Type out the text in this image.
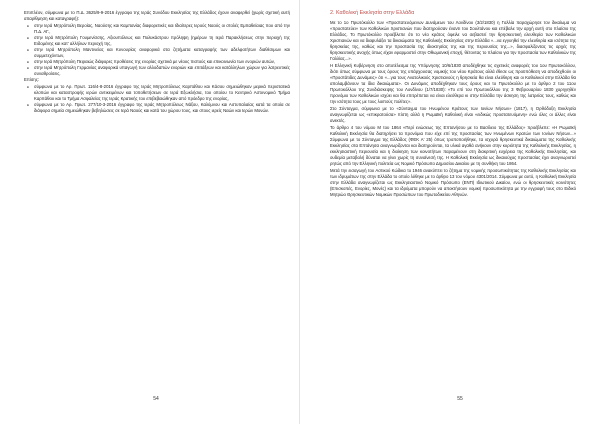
Επιπλέον, σύμφωνα με το Π.Δ. 3625/9-9-2016 έγγραφο της Ιεράς Συνόδου Εκκλησίας της Ελλάδος έχουν αναφερθεί (χωρίς σχετική αυτή απαρίθμηση και καταγραφή):

● στην Ιερά Μητρόπολη Βεροίας, Ναούσης και Καμπανίας διαφορετικές και Ιδιαίτερες Ιερούς Ναούς οι στολές Εμπαθείαιας που από την Π.Δ. ΑΓ.,
● στην Ιερά Μητρόπολη Γουμενίσσης, Αξιουπόλεως και Πολυκάστρου πρόληψη (ημέρων τη Ιερά Παρακλήσεως στην περιοχή της Ειδομένης και κατ' αλλήλων περιοχή της,
● στην Ιερά Μητρόπολη Μαντινείας και Κυνουρίας αναφορικά στα ζητήματα καταγραφής των αδελφοτήτων διαθέσιμων και συμμετεχόντων,
● στην Ιερά Μητρόπολη Πειραιώς διάφορες προθέσεις της ενορίας σχετικά με νέους πιστούς και επικοινωνία των ενοριών αυτών,
● στην Ιερά Μητρόπολη Γερμανίας αναφορικά υπαγωγή των αλλοδαπών ενοριών και επιτάξεων και κατάλληλων χώρων για λατρευτικές συναθροίσεις.

Επίσης:

● σύμφωνα με το Αρ. Πρωτ. 116/4-8-2016 έγγραφο της Ιεράς Μητροπόλεως Καρπάθου και Κάσου σημειώθηκαν μερικά περιστατικά κλοπών και καταστροφής ιερών αντικειμένων και τοποθετήσεων σε Ιερά Εξωκλήσια, του οποίου το Κεντρικό Αστυνομικό Τμήμα Καρπάθου και το Τμήμα Ασφαλείας της Ιεράς Κρατικής του επιβεβαιώθηκαν από πρόεδρο της ενορίας,
● σύμφωνα με το Αρ. Πρωτ. 277/10-3-2016 έγγραφο της Ιεράς Μητροπόλεως Νάξου, Καλύμνου και Αστυπαλαίας κατά τα οποία σε διάφορα σημεία σημειώθηκαν βεβηλώσεις σε Ιερά Ναούς και κατά του χώρου τους, και στους ιερείς Ναών και Ιερών Μονών.
54

2. Καθολική Εκκλησία στην Ελλάδα

Με το 1ο Πρωτόκολλο των «Προστατευόμενων Δυνάμεων του Λονδίνου (3/2/1830) η Γαλλία παραχώρησε τον δικαίωμα να «προστατεύει» των Καθολικών Χριστιανών που διατηρούσαν έναντι του Σουλτάνου και επέβαλε την αρχή αυτή στο πλαίσιο της Ελλάδος. Το Πρωτόκολλο προέβλεπε ότι το νέο κράτος όφειλε να σεβαστεί την θρησκευτική ελευθερία των Καθολικών Χριστιανών και να διαφυλάξει τα δικαιώματα της Καθολικής Εκκλησίας στην Ελλάδα «...να εγγυηθεί την ελευθερία και ισότητα της θρησκείας της, καθώς και την προστασία της ιδιοκτησίας της και της περιουσίας της...», διασφαλίζοντας τις αρχές της θρησκευτικής ανοχής όπως είχαν εφαρμοστεί στην Οθωμανική εποχή, θέτοντας το πλαίσιο για την προστασία των Καθολικών της Γαλλίας...».

Η Ελληνική Κυβέρνηση στο αποτέλεσμα της Υπόμνησης 10/6/1830 αποδέχθηκε τις σχετικές αναφορές του 1ου Πρωτοκόλλου, διότι όπως σύμφωνα με τους όρους της υπάρχουσας νομικής του νέου Κράτους αλλά έθεσε ως προϋπόθεση να αποδεχθούν οι «Προστάτιδες Δυνάμεις» ότι «...για τους Ανατολικούς Χριστιανούς η θρησκεία θα είναι ελεύθερη και οι Καθολικοί στην Ελλάδα θα απολαμβάνουν τα ίδια δικαιώματα». Οι Δυνάμεις αποδέχθηκαν τους όρους και το Πρωτόκολλο με το άρθρο 2 του 11ου Πρωτοκόλλου της Συνδιάσκεψης του Λονδίνου (1/7/1830): «Το επί του Πρωτοκόλλου της 3 Φεβρουαρίου 1830 χορηγηθέν προνόμιο των Καθολικών ισχύει και θα επιτρέπεται να είναι ελεύθερα κι στην Ελλάδα την άσκηση της λατρείας τους, καθώς και την ισότητα τους με τους λοιπούς πολίτες».

Στο Σύνταγμα, σύμφωνα με το «Σύνταγμα του Ηνωμένου Κράτους των Ιονίων Νήσων» (1817), η Ορθόδοξη Εκκλησία αναγνωρίζεται ως «επικρατούσα» πίστη αλλά η Ρωμαϊκή Καθολική είναι «ειδικώς προστατευόμενη» ενώ όλες οι άλλες είναι ανεκτές.

Το άρθρο 4 του νόμου Μ του 1864 «Περί ενώσεως της Επτανήσου με το Βασίλειο της Ελλάδος» προέβλεπε: «Η Ρωμαϊκή Καθολική Εκκλησία θα διατηρήσει τα προνόμια που είχε επί της προστασίας των Ηνωμένων Κρατών των Ιονίων Νήσων...» Σύμφωνα με το Σύνταγμα της Ελλάδος (ΦΕΚ Α' 25) όπως τροποποιήθηκε, τα ισχυρά θρησκευτικά δικαιώματα της Καθολικής Εκκλησίας στα Επτάνησα αναγνωρίζονται και διατηρούνται, τα υλικά αγαθά ανήκουν στην κυριότητα της Καθολικής Εκκλησίας, η εκκλησιαστική περιουσία και η διοίκηση των κοινοτήτων παραμένουν στη διακριτική ευχέρεια της Καθολικής Εκκλησίας, και ουδεμία μεταβολή δύναται να γίνει χωρίς τη συναίνεσή της. Η Καθολική Εκκλησία ως δικαιούχος προστασίας έχει αναγνωριστεί ρητώς από την Ελληνική πολιτεία ως Νομικό Πρόσωπο Δημοσίου Δικαίου με τη συνθήκη του 1864.

Μετά την εισαγωγή του Αστικού Κώδικα το 1946 ανακύπτει το ζήτημα της νομικής προσωπικότητας της Καθολικής Εκκλησίας και των ιδρυμάτων της στην Ελλάδα το οποίο λύθηκε με το άρθρο 13 του νόμου 4301/2014. Σύμφωνα με αυτό, η Καθολική Εκκλησία στην Ελλάδα αναγνωρίζεται ως Εκκλησιαστικό Νομικό Πρόσωπο (ΕΝΠ) Ιδιωτικού Δικαίου, ενώ οι θρησκευτικές κοινότητες (Επισκοπές, Ενορίες, Μονές) και τα ιδρύματα μπορούν να αποκτήσουν νομική προσωπικότητα με την εγγραφή τους στο Ειδικό Μητρώο Θρησκευτικών Νομικών Προσώπων του Πρωτοδικείου Αθηνών.

55
